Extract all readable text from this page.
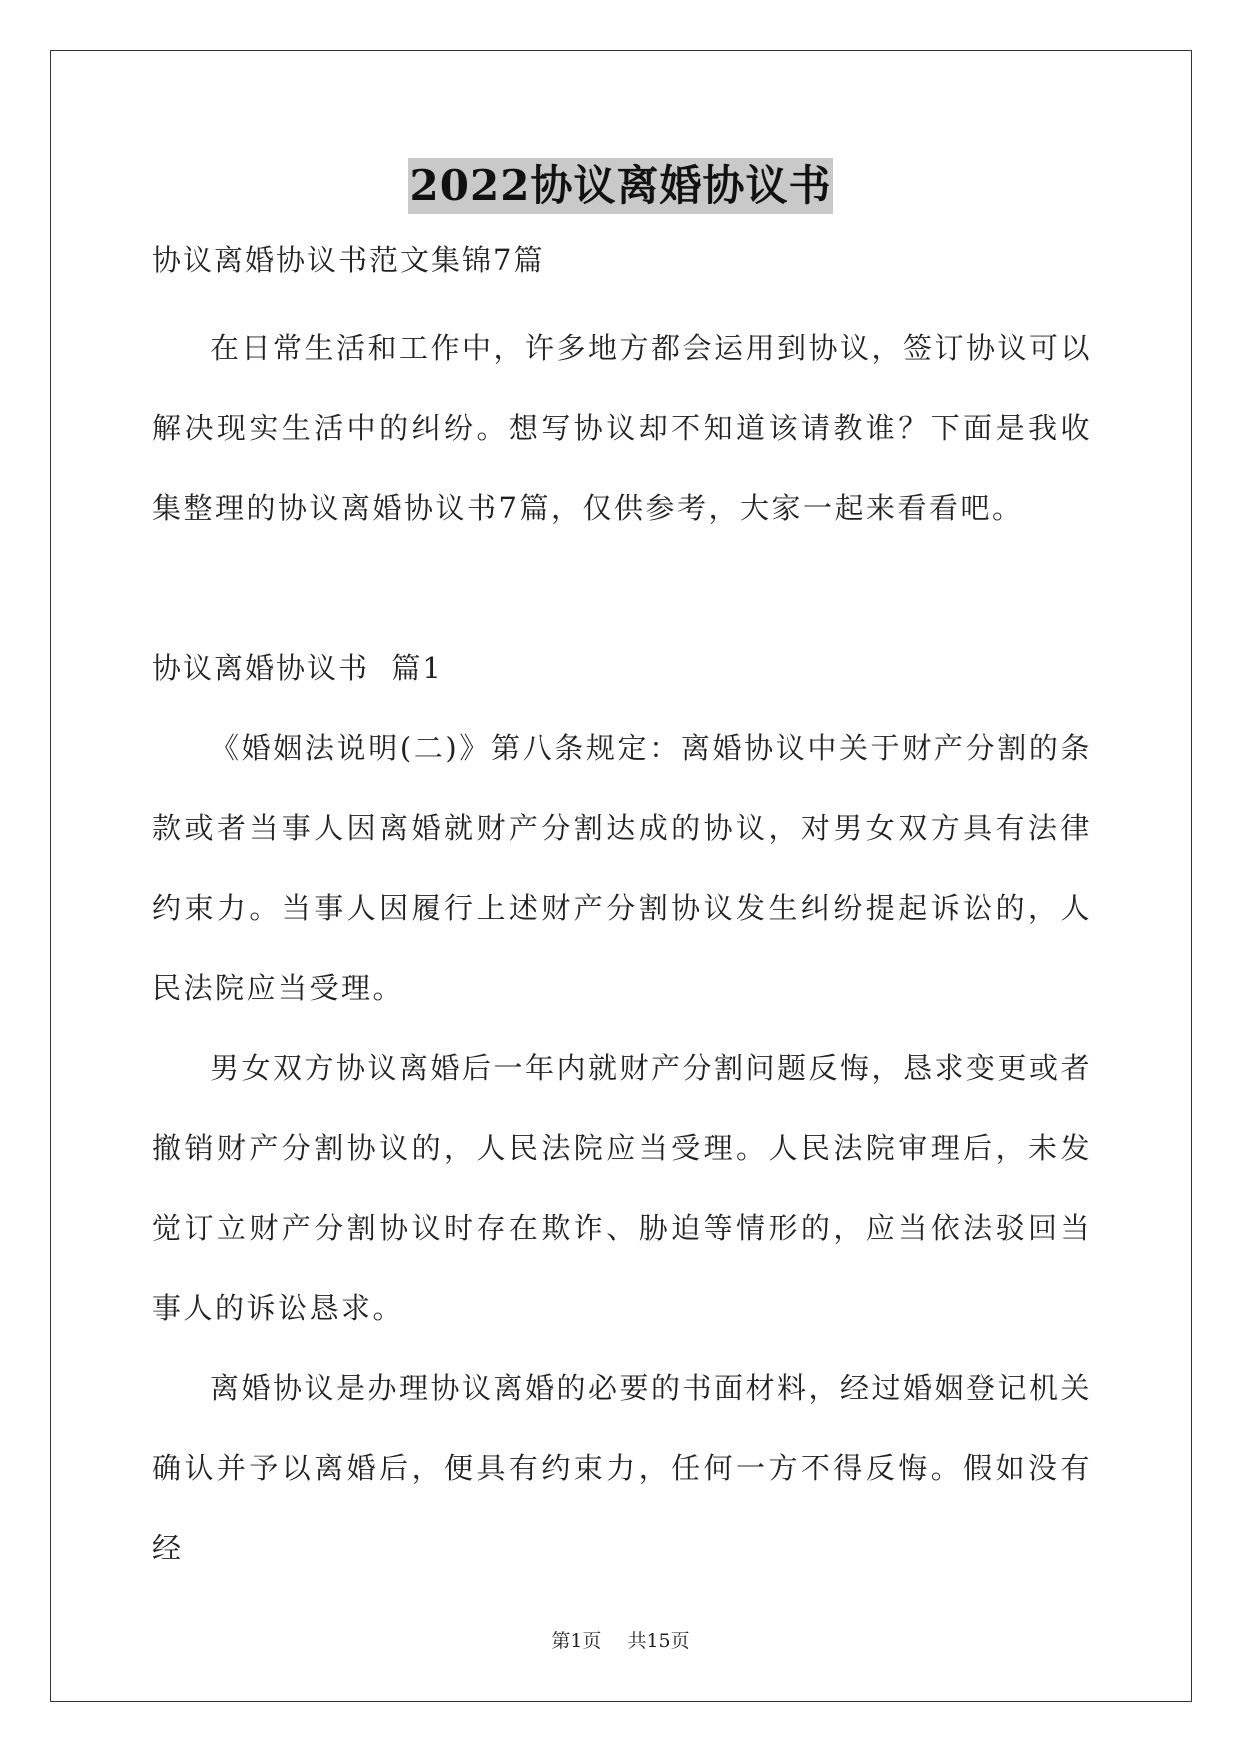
2022协议离婚协议书

协议离婚协议书范文集锦7篇

在日常生活和工作中，许多地方都会运用到协议，签订协议可以解决现实生活中的纠纷。想写协议却不知道该请教谁？下面是我收集整理的协议离婚协议书7篇，仅供参考，大家一起来看看吧。

协议离婚协议书  篇1

《婚姻法说明(二)》第八条规定：离婚协议中关于财产分割的条款或者当事人因离婚就财产分割达成的协议，对男女双方具有法律约束力。当事人因履行上述财产分割协议发生纠纷提起诉讼的，人民法院应当受理。

男女双方协议离婚后一年内就财产分割问题反悔，恳求变更或者撤销财产分割协议的，人民法院应当受理。人民法院审理后，未发觉订立财产分割协议时存在欺诈、胁迫等情形的，应当依法驳回当事人的诉讼恳求。

离婚协议是办理协议离婚的必要的书面材料，经过婚姻登记机关确认并予以离婚后，便具有约束力，任何一方不得反悔。假如没有经

第1页 共15页
